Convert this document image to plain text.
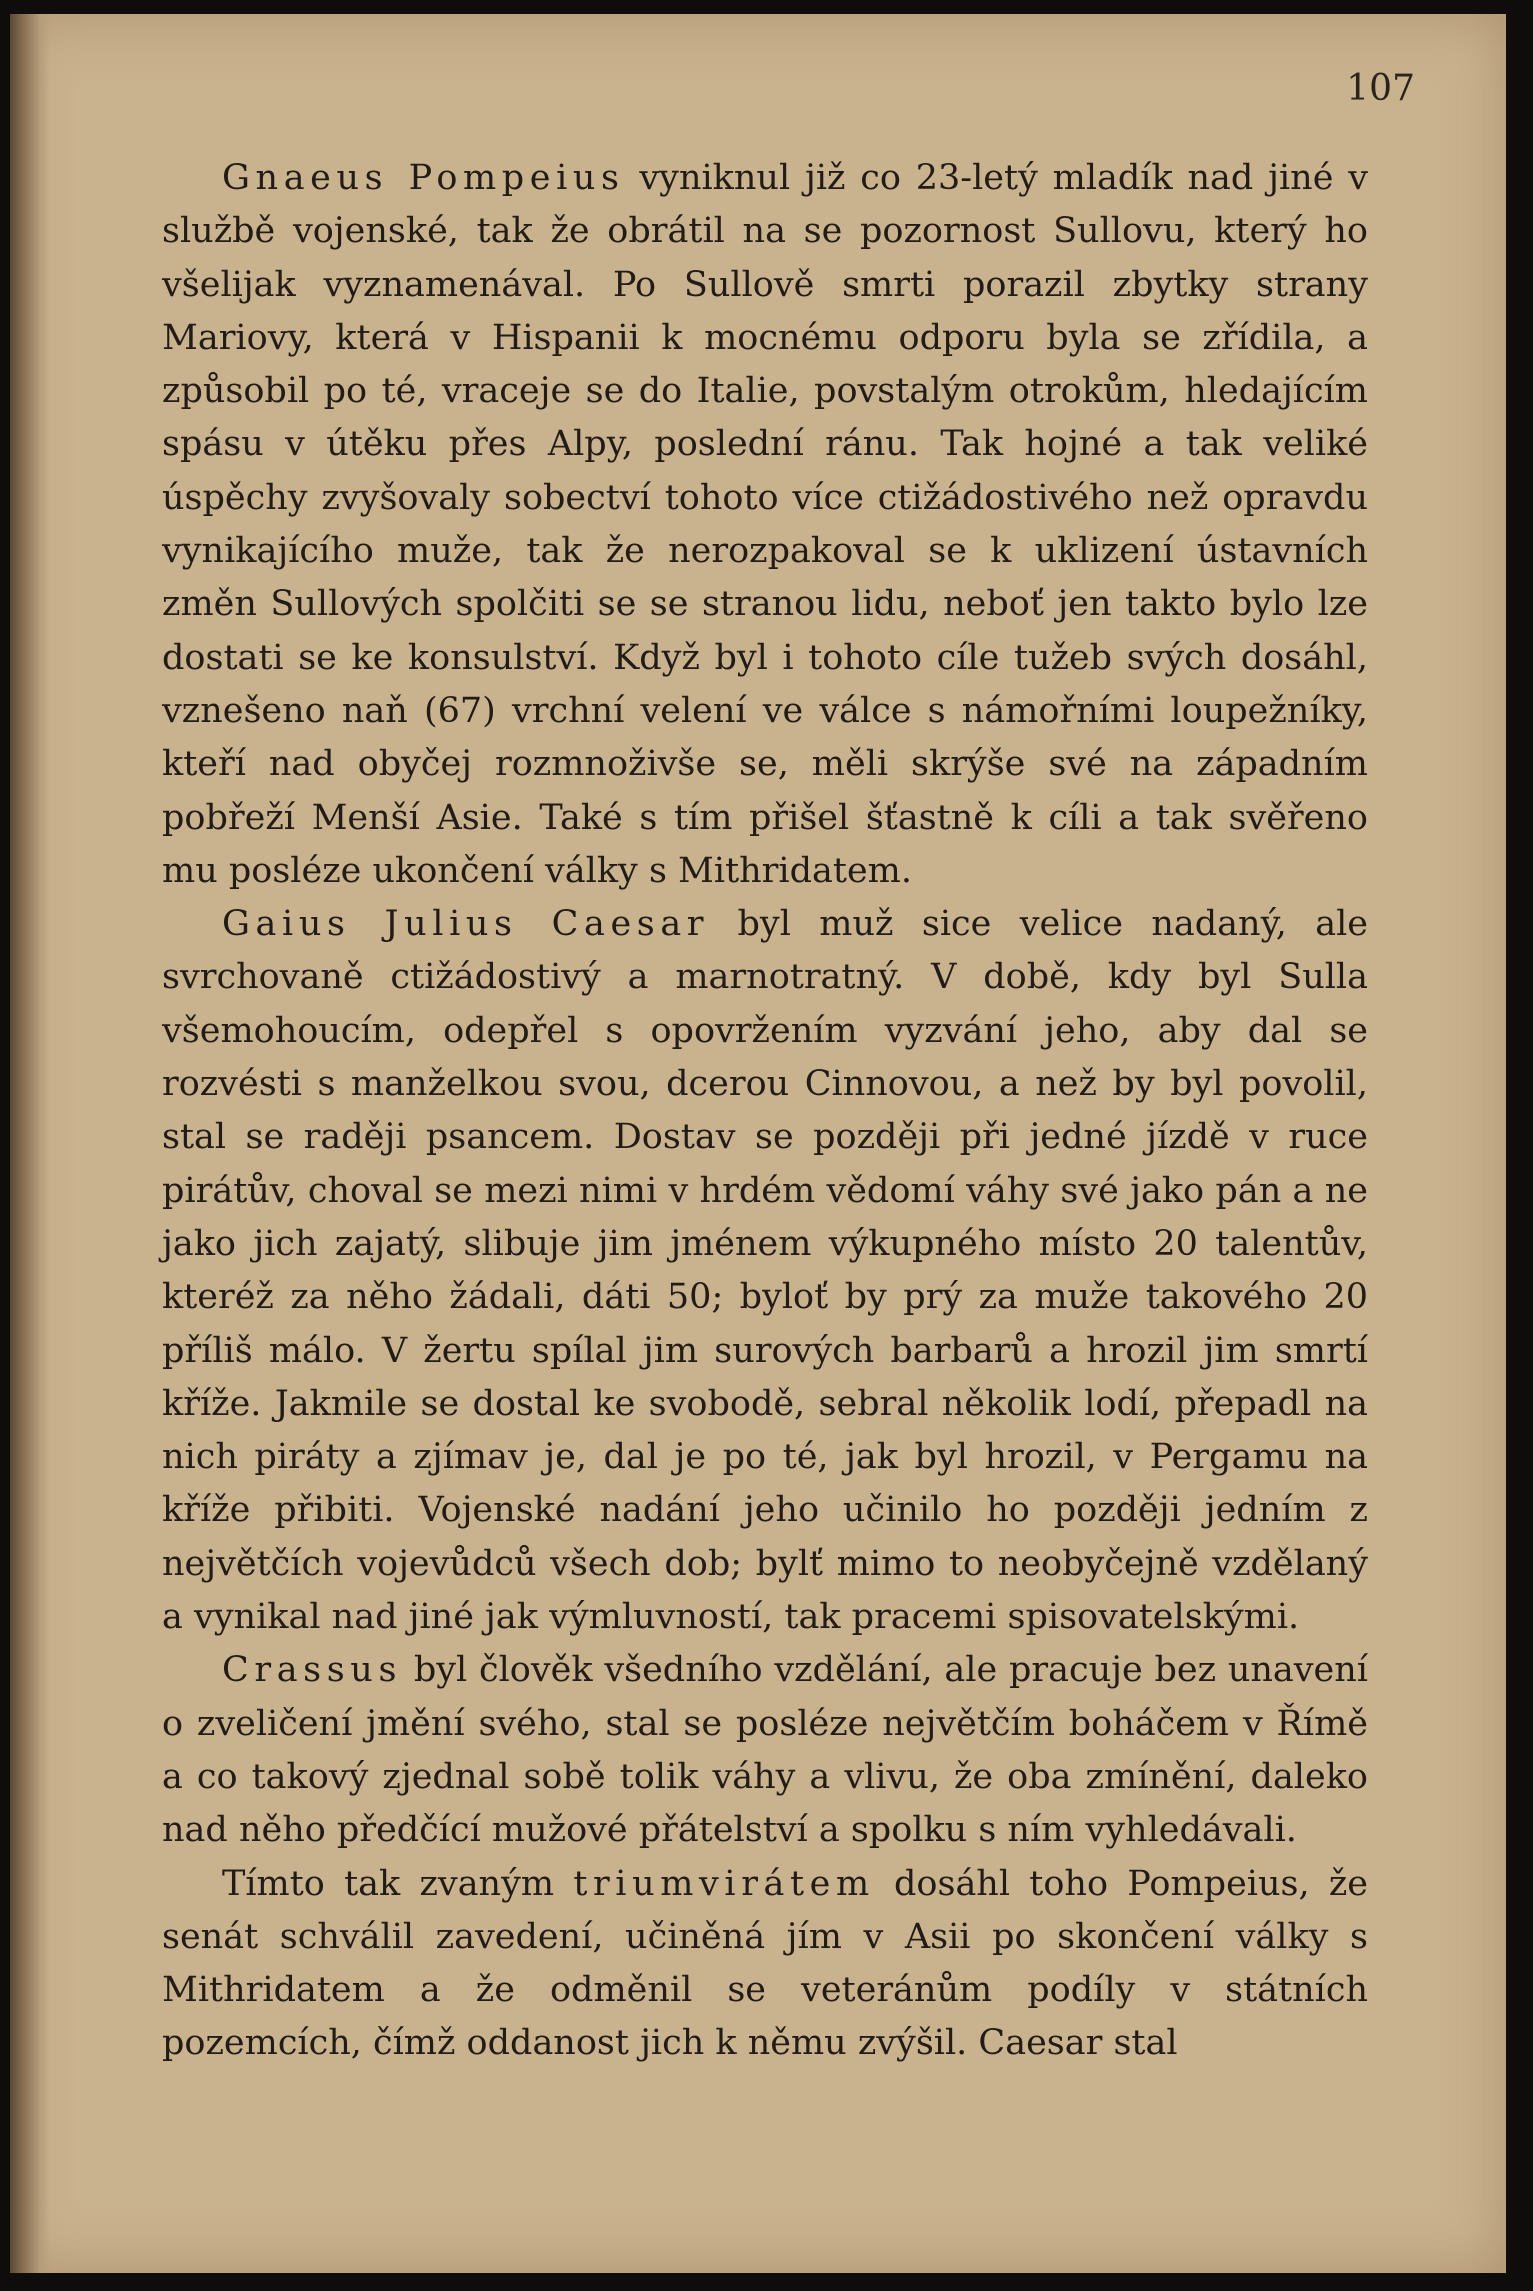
107

Gnaeus Pompeius vyniknul již co 23-letý mladík nad jiné v službě vojenské, tak že obrátil na se pozornost Sullovu, který ho všelijak vyznamenával. Po Sullově smrti porazil zbytky strany Mariovy, která v Hispanii k mocnému odporu byla se zřídila, a způsobil po té, vraceje se do Italie, povstalým otrokům, hledajícím spásu v útěku přes Alpy, poslední ránu. Tak hojné a tak veliké úspěchy zvyšovaly sobectví tohoto více ctižádostivého než opravdu vynikajícího muže, tak že nerozpakoval se k uklizení ústavních změn Sullových spolčiti se se stranou lidu, neboť jen takto bylo lze dostati se ke konsulství. Když byl i tohoto cíle tužeb svých dosáhl, vznešeno naň (67) vrchní velení ve válce s námořními loupežníky, kteří nad obyčej rozmnoživše se, měli skrýše své na západním pobřeží Menší Asie. Také s tím přišel šťastně k cíli a tak svěřeno mu posléze ukončení války s Mithridatem.

Gaius Julius Caesar byl muž sice velice nadaný, ale svrchovaně ctižádostivý a marnotratný. V době, kdy byl Sulla všemohoucím, odepřel s opovržením vyzvání jeho, aby dal se rozvésti s manželkou svou, dcerou Cinnovou, a než by byl povolil, stal se raději psancem. Dostav se později při jedné jízdě v ruce pirátův, choval se mezi nimi v hrdém vědomí váhy své jako pán a ne jako jich zajatý, slibuje jim jménem výkupného místo 20 talentův, kteréž za něho žádali, dáti 50; byloť by prý za muže takového 20 příliš málo. V žertu spílal jim surových barbarů a hrozil jim smrtí kříže. Jakmile se dostal ke svobodě, sebral několik lodí, přepadl na nich piráty a zjímav je, dal je po té, jak byl hrozil, v Pergamu na kříže přibiti. Vojenské nadání jeho učinilo ho později jedním z největčích vojevůdců všech dob; bylť mimo to neobyčejně vzdělaný a vynikal nad jiné jak výmluvností, tak pracemi spisovatelskými.

Crassus byl člověk všedního vzdělání, ale pracuje bez unavení o zveličení jmění svého, stal se posléze největčím boháčem v Římě a co takový zjednal sobě tolik váhy a vlivu, že oba zmínění, daleko nad něho předčící mužové přátelství a spolku s ním vyhledávali.

Tímto tak zvaným triumvirátem dosáhl toho Pompeius, že senát schválil zavedení, učiněná jím v Asii po skončení války s Mithridatem a že odměnil se veteránům podíly v státních pozemcích, čímž oddanost jich k němu zvýšil. Caesar stal
